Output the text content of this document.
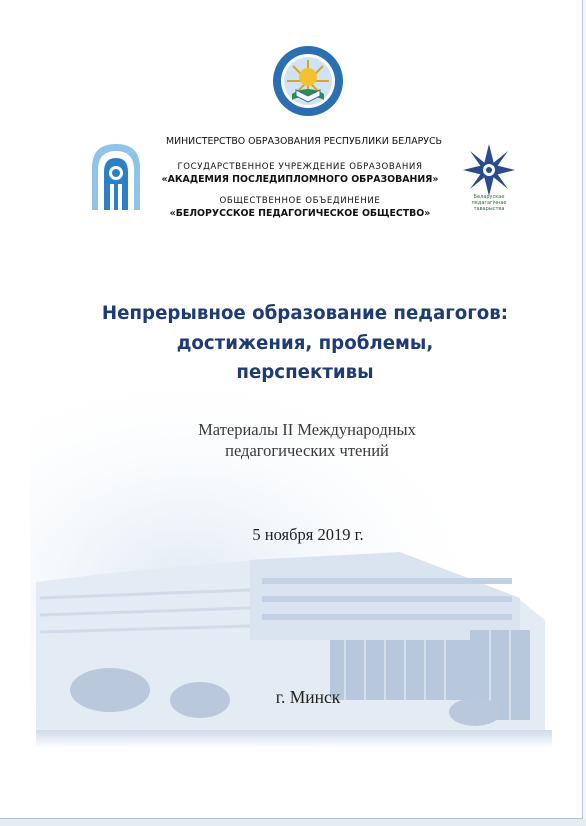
Беларускае педагагічнае таварыства
МИНИСТЕРСТВО ОБРАЗОВАНИЯ РЕСПУБЛИКИ БЕЛАРУСЬ
ГОСУДАРСТВЕННОЕ УЧРЕЖДЕНИЕ ОБРАЗОВАНИЯ
«АКАДЕМИЯ ПОСЛЕДИПЛОМНОГО ОБРАЗОВАНИЯ»
ОБЩЕСТВЕННОЕ ОБЪЕДИНЕНИЕ
«БЕЛОРУССКОЕ ПЕДАГОГИЧЕСКОЕ ОБЩЕСТВО»
Непрерывное образование педагогов:
достижения, проблемы,
перспективы
Материалы II Международных
педагогических чтений
5 ноября 2019 г.
г. Минск
